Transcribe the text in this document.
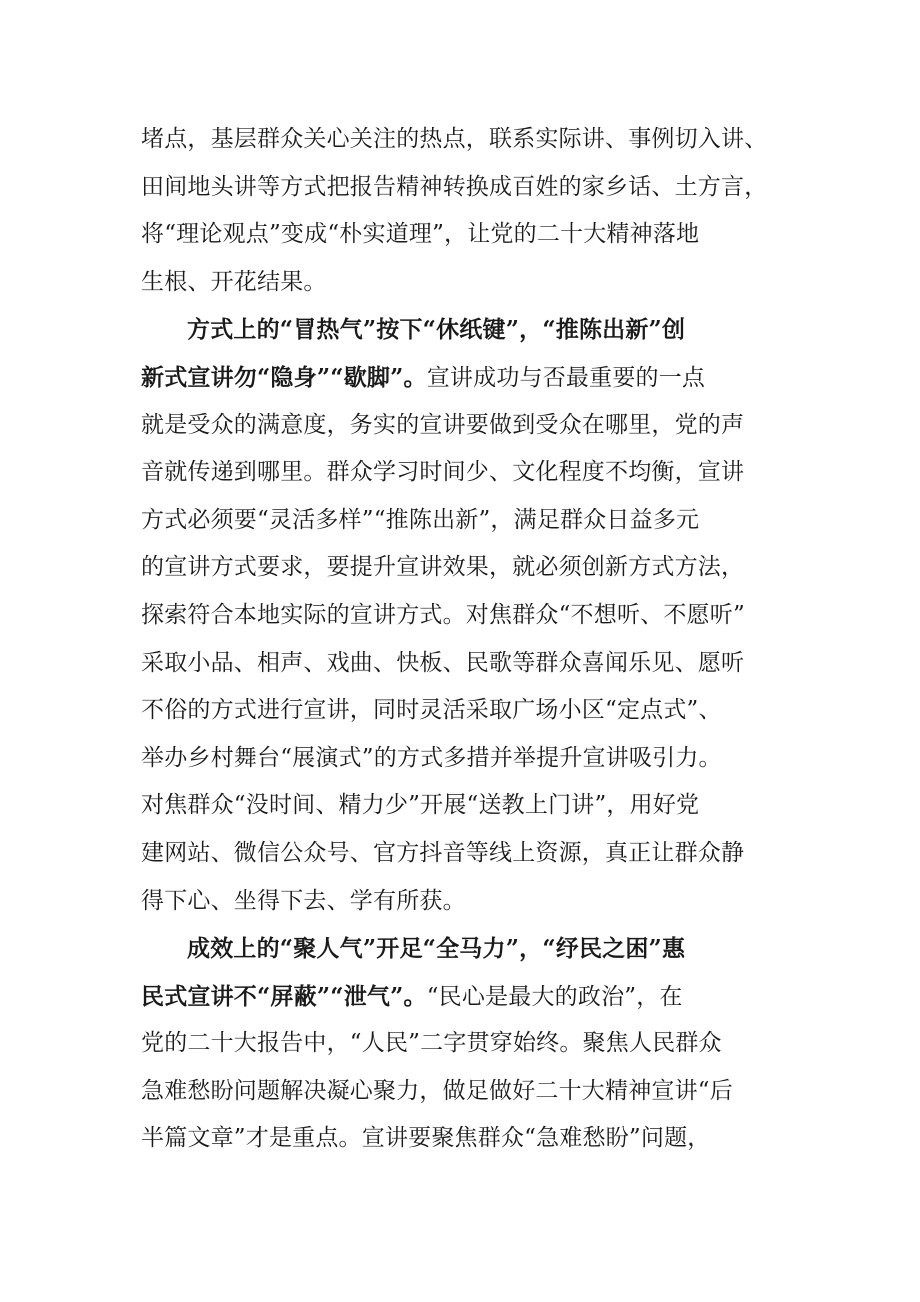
堵点，基层群众关心关注的热点，联系实际讲、事例切入讲、
田间地头讲等方式把报告精神转换成百姓的家乡话、土方言，
将“理论观点”变成“朴实道理”，让党的二十大精神落地
生根、开花结果。
方式上的“冒热气”按下“休纸键”，“推陈出新”创
新式宣讲勿“隐身”“歇脚”。宣讲成功与否最重要的一点
就是受众的满意度，务实的宣讲要做到受众在哪里，党的声
音就传递到哪里。群众学习时间少、文化程度不均衡，宣讲
方式必须要“灵活多样”“推陈出新”，满足群众日益多元
的宣讲方式要求，要提升宣讲效果，就必须创新方式方法，
探索符合本地实际的宣讲方式。对焦群众“不想听、不愿听”
采取小品、相声、戏曲、快板、民歌等群众喜闻乐见、愿听
不俗的方式进行宣讲，同时灵活采取广场小区“定点式”、
举办乡村舞台“展演式”的方式多措并举提升宣讲吸引力。
对焦群众“没时间、精力少”开展“送教上门讲”，用好党
建网站、微信公众号、官方抖音等线上资源，真正让群众静
得下心、坐得下去、学有所获。
成效上的“聚人气”开足“全马力”，“纾民之困”惠
民式宣讲不“屏蔽”“泄气”。“民心是最大的政治”，在
党的二十大报告中，“人民”二字贯穿始终。聚焦人民群众
急难愁盼问题解决凝心聚力，做足做好二十大精神宣讲“后
半篇文章”才是重点。宣讲要聚焦群众“急难愁盼”问题，
